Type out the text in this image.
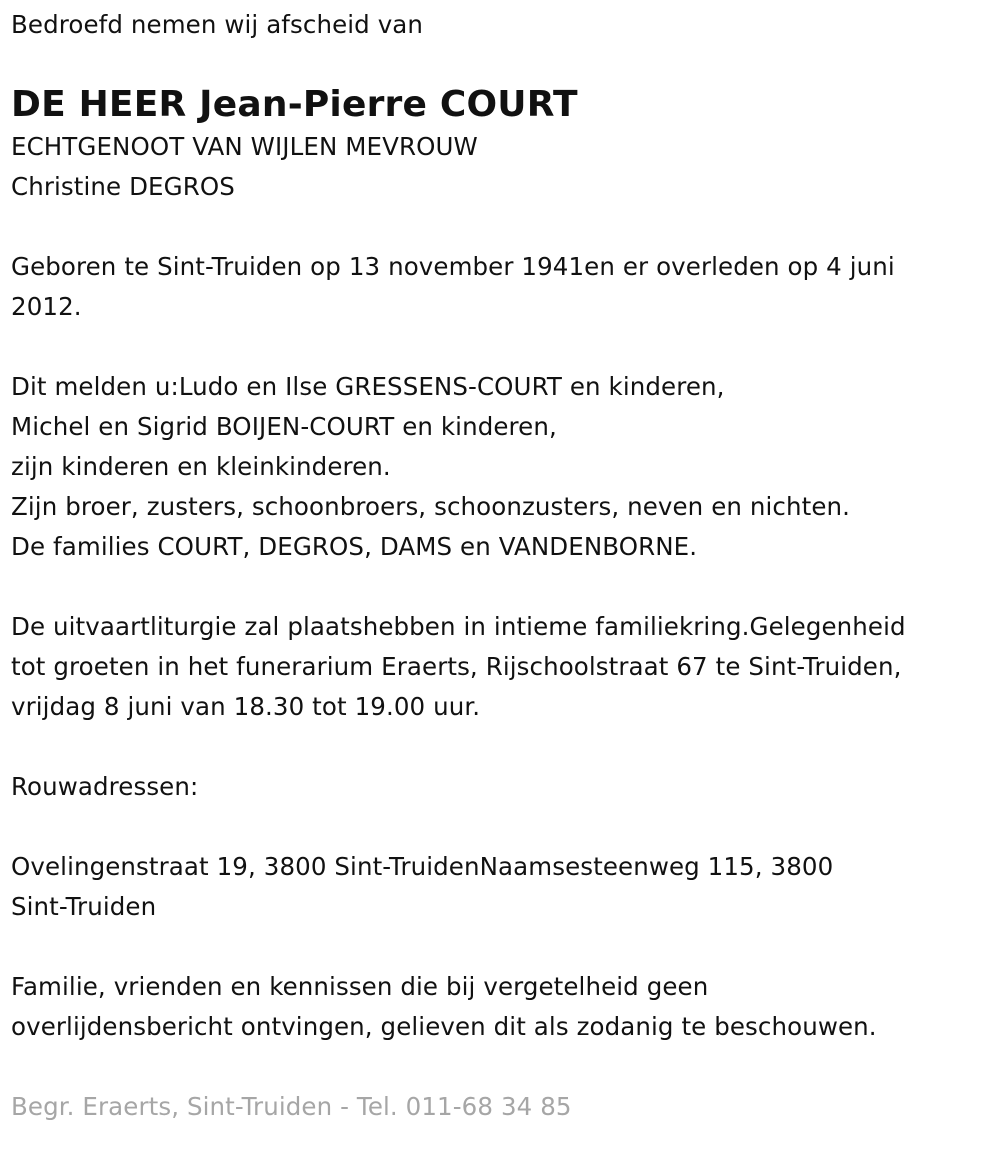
Bedroefd nemen wij afscheid van
DE HEER Jean-Pierre COURT
ECHTGENOOT VAN WIJLEN MEVROUW
Christine DEGROS
Geboren te Sint-Truiden op 13 november 1941en er overleden op 4 juni
2012.
Dit melden u:Ludo en Ilse GRESSENS-COURT en kinderen,
Michel en Sigrid BOIJEN-COURT en kinderen,
zijn kinderen en kleinkinderen.
Zijn broer, zusters, schoonbroers, schoonzusters, neven en nichten.
De families COURT, DEGROS, DAMS en VANDENBORNE.
De uitvaartliturgie zal plaatshebben in intieme familiekring.Gelegenheid
tot groeten in het funerarium Eraerts, Rijschoolstraat 67 te Sint-Truiden,
vrijdag 8 juni van 18.30 tot 19.00 uur.
Rouwadressen:
Ovelingenstraat 19, 3800 Sint-TruidenNaamsesteenweg 115, 3800
Sint-Truiden
Familie, vrienden en kennissen die bij vergetelheid geen
overlijdensbericht ontvingen, gelieven dit als zodanig te beschouwen.
Begr. Eraerts, Sint-Truiden - Tel. 011-68 34 85
